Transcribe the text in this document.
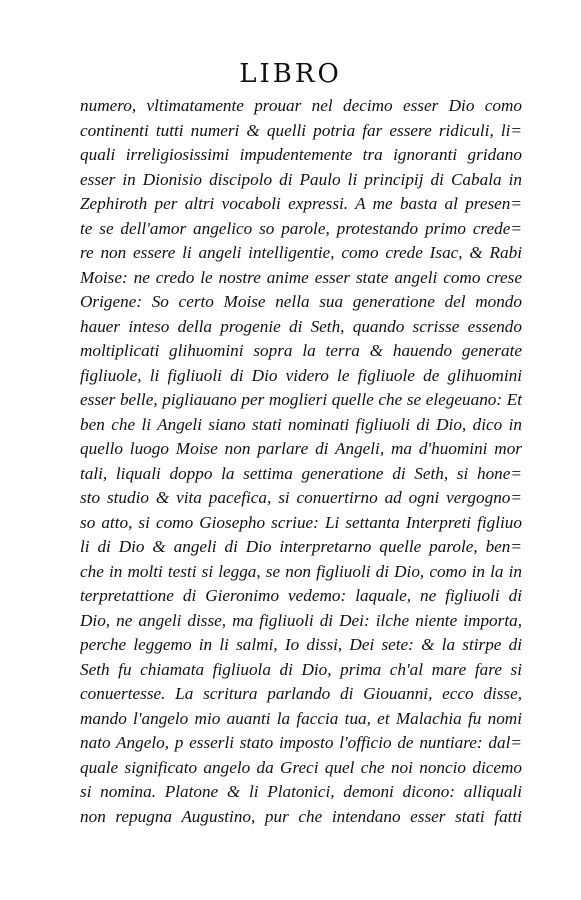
LIBRO
numero, vltimatamente prouar nel decimo esser Dio como
continenti tutti numeri & quelli potria far essere ridiculi, li=
quali irreligiosissimi impudentemente tra ignoranti gridano
esser in Dionisio discipolo di Paulo li principij di Cabala in
Zephiroth per altri vocaboli expressi. A me basta al presen=
te se dell'amor angelico so parole, protestando primo crede=
re non essere li angeli intelligentie, como crede Isac, & Rabi
Moise: ne credo le nostre anime esser state angeli como crese
Origene: So certo Moise nella sua generatione del mondo
hauer inteso della progenie di Seth, quando scrisse essendo
moltiplicati glihuomini sopra la terra & hauendo generate
figliuole, li figliuoli di Dio videro le figliuole de glihuomini
esser belle, pigliauano per moglieri quelle che se elegeuano: Et
ben che li Angeli siano stati nominati figliuoli di Dio, dico in
quello luogo Moise non parlare di Angeli, ma d'huomini mor
tali, liquali doppo la settima generatione di Seth, si hone=
sto studio & vita pacefica, si conuertirno ad ogni vergogno=
so atto, si como Giosepho scriue: Li settanta Interpreti figliuo
li di Dio & angeli di Dio interpretarno quelle parole, ben=
che in molti testi si legga, se non figliuoli di Dio, como in la in
terpretattione di Gieronimo vedemo: laquale, ne figliuoli di
Dio, ne angeli disse, ma figliuoli di Dei: ilche niente importa,
perche leggemo in li salmi, Io dissi, Dei sete: & la stirpe di
Seth fu chiamata figliuola di Dio, prima ch'al mare fare si
conuertesse. La scritura parlando di Giouanni, ecco disse,
mando l'angelo mio auanti la faccia tua, et Malachia fu nomi
nato Angelo, p esserli stato imposto l'officio de nuntiare: dal=
quale significato angelo da Greci quel che noi noncio dicemo
si nomina. Platone & li Platonici, demoni dicono: alliquali
non repugna Augustino, pur che intendano esser stati fatti
